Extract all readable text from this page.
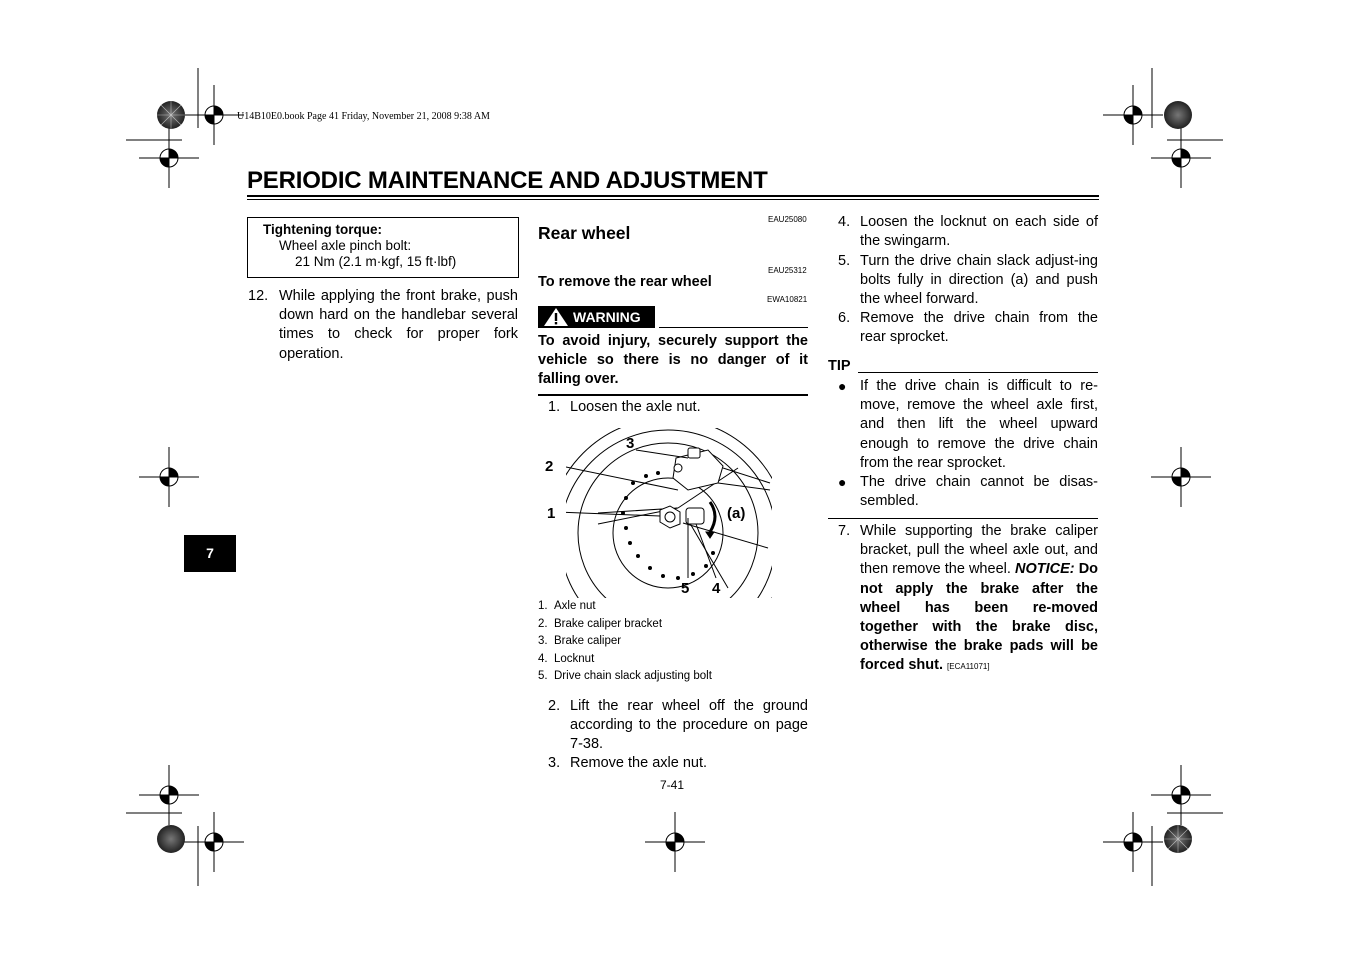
U14B10E0.book Page 41 Friday, November 21, 2008 9:38 AM
PERIODIC MAINTENANCE AND ADJUSTMENT
7
Tightening torque:
Wheel axle pinch bolt:
21 Nm (2.1 m·kgf, 15 ft·lbf)
12. While applying the front brake, push down hard on the handlebar several times to check for proper fork operation.
EAU25080
Rear wheel
EAU25312
To remove the rear wheel
EWA10821
WARNING
To avoid injury, securely support the vehicle so there is no danger of it falling over.
1. Loosen the axle nut.
1
2
3
4
5
(a)
1. Axle nut
2. Brake caliper bracket
3. Brake caliper
4. Locknut
5. Drive chain slack adjusting bolt
2. Lift the rear wheel off the ground according to the procedure on page 7-38.
3. Remove the axle nut.
7-41
4. Loosen the locknut on each side of the swingarm.
5. Turn the drive chain slack adjust-ing bolts fully in direction (a) and push the wheel forward.
6. Remove the drive chain from the rear sprocket.
TIP
● If the drive chain is difficult to re-move, remove the wheel axle first, and then lift the wheel upward enough to remove the drive chain from the rear sprocket.
● The drive chain cannot be disas-sembled.
7. While supporting the brake caliper bracket, pull the wheel axle out, and then remove the wheel. NOTICE: Do not apply the brake after the wheel has been re-moved together with the brake disc, otherwise the brake pads will be forced shut. [ECA11071]
